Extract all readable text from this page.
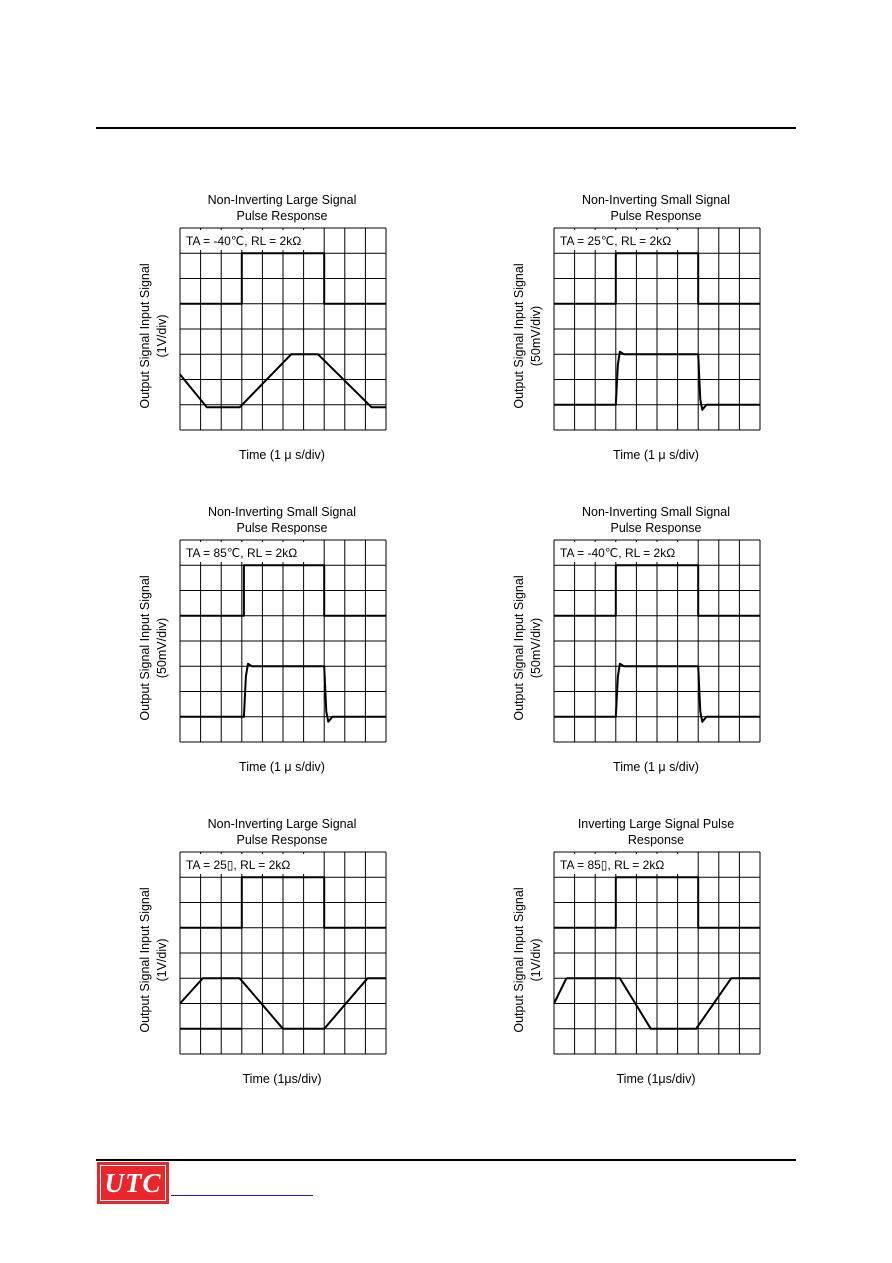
Non-Inverting Large Signal
Pulse Response
Output Signal Input Signal (1V/div)
TA = -40℃, RL = 2kΩ
Time (1 μ s/div)
Non-Inverting Small Signal
Pulse Response
Output Signal Input Signal (50mV/div)
TA = 25℃, RL = 2kΩ
Time (1 μ s/div)
Non-Inverting Small Signal
Pulse Response
Output Signal Input Signal (50mV/div)
TA = 85℃, RL = 2kΩ
Time (1 μ s/div)
Non-Inverting Small Signal
Pulse Response
Output Signal Input Signal (50mV/div)
TA = -40℃, RL = 2kΩ
Time (1 μ s/div)
Non-Inverting Large Signal
Pulse Response
Output Signal Input Signal (1V/div)
TA = 25▯, RL = 2kΩ
Time (1μs/div)
Inverting Large Signal Pulse
Response
Output Signal Input Signal (1V/div)
TA = 85▯, RL = 2kΩ
Time (1μs/div)
UTC
